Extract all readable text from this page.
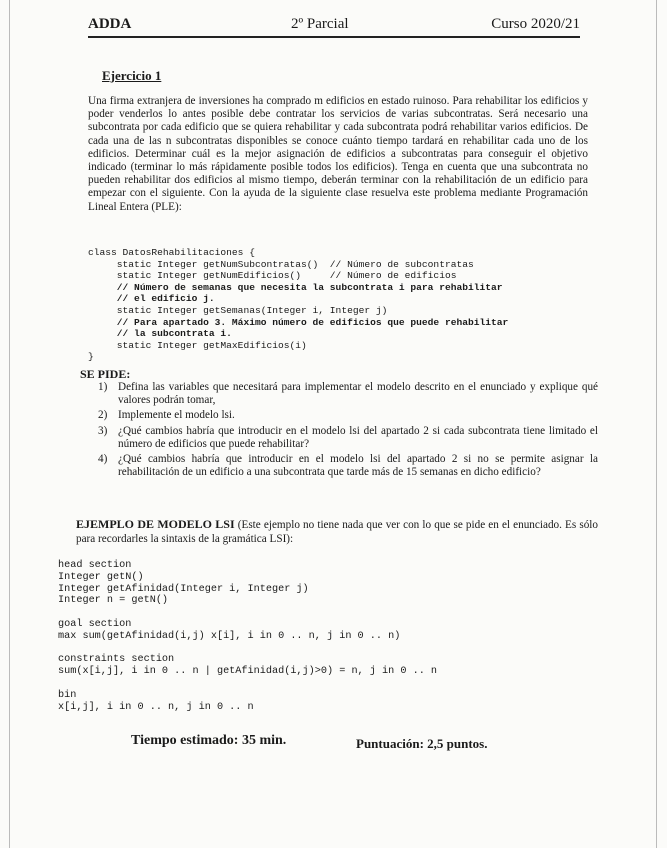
ADDA	2º Parcial	Curso 2020/21
Ejercicio 1
Una firma extranjera de inversiones ha comprado m edificios en estado ruinoso. Para rehabilitar los edificios y poder venderlos lo antes posible debe contratar los servicios de varias subcontratas. Será necesario una subcontrata por cada edificio que se quiera rehabilitar y cada subcontrata podrá rehabilitar varios edificios. De cada una de las n subcontratas disponibles se conoce cuánto tiempo tardará en rehabilitar cada uno de los edificios. Determinar cuál es la mejor asignación de edificios a subcontratas para conseguir el objetivo indicado (terminar lo más rápidamente posible todos los edificios). Tenga en cuenta que una subcontrata no pueden rehabilitar dos edificios al mismo tiempo, deberán terminar con la rehabilitación de un edificio para empezar con el siguiente. Con la ayuda de la siguiente clase resuelva este problema mediante Programación Lineal Entera (PLE):
class DatosRehabilitaciones {
static Integer getNumSubcontratas()  // Número de subcontratas
static Integer getNumEdificios()     // Número de edificios
// Número de semanas que necesita la subcontrata i para rehabilitar
// el edificio j.
static Integer getSemanas(Integer i, Integer j)
// Para apartado 3. Máximo número de edificios que puede rehabilitar
// la subcontrata i.
static Integer getMaxEdificios(i)
}
SE PIDE:
1) Defina las variables que necesitará para implementar el modelo descrito en el enunciado y explique qué valores podrán tomar,
2) Implemente el modelo lsi.
3) ¿Qué cambios habría que introducir en el modelo lsi del apartado 2 si cada subcontrata tiene limitado el número de edificios que puede rehabilitar?
4) ¿Qué cambios habría que introducir en el modelo lsi del apartado 2 si no se permite asignar la rehabilitación de un edificio a una subcontrata que tarde más de 15 semanas en dicho edificio?
EJEMPLO DE MODELO LSI (Este ejemplo no tiene nada que ver con lo que se pide en el enunciado. Es sólo para recordarles la sintaxis de la gramática LSI):
head section
Integer getN()
Integer getAfinidad(Integer i, Integer j)
Integer n = getN()

goal section
max sum(getAfinidad(i,j) x[i], i in 0 .. n, j in 0 .. n)

constraints section
sum(x[i,j], i in 0 .. n | getAfinidad(i,j)>0) = n, j in 0 .. n

bin
x[i,j], i in 0 .. n, j in 0 .. n
Tiempo estimado: 35 min.	Puntuación: 2,5 puntos.
